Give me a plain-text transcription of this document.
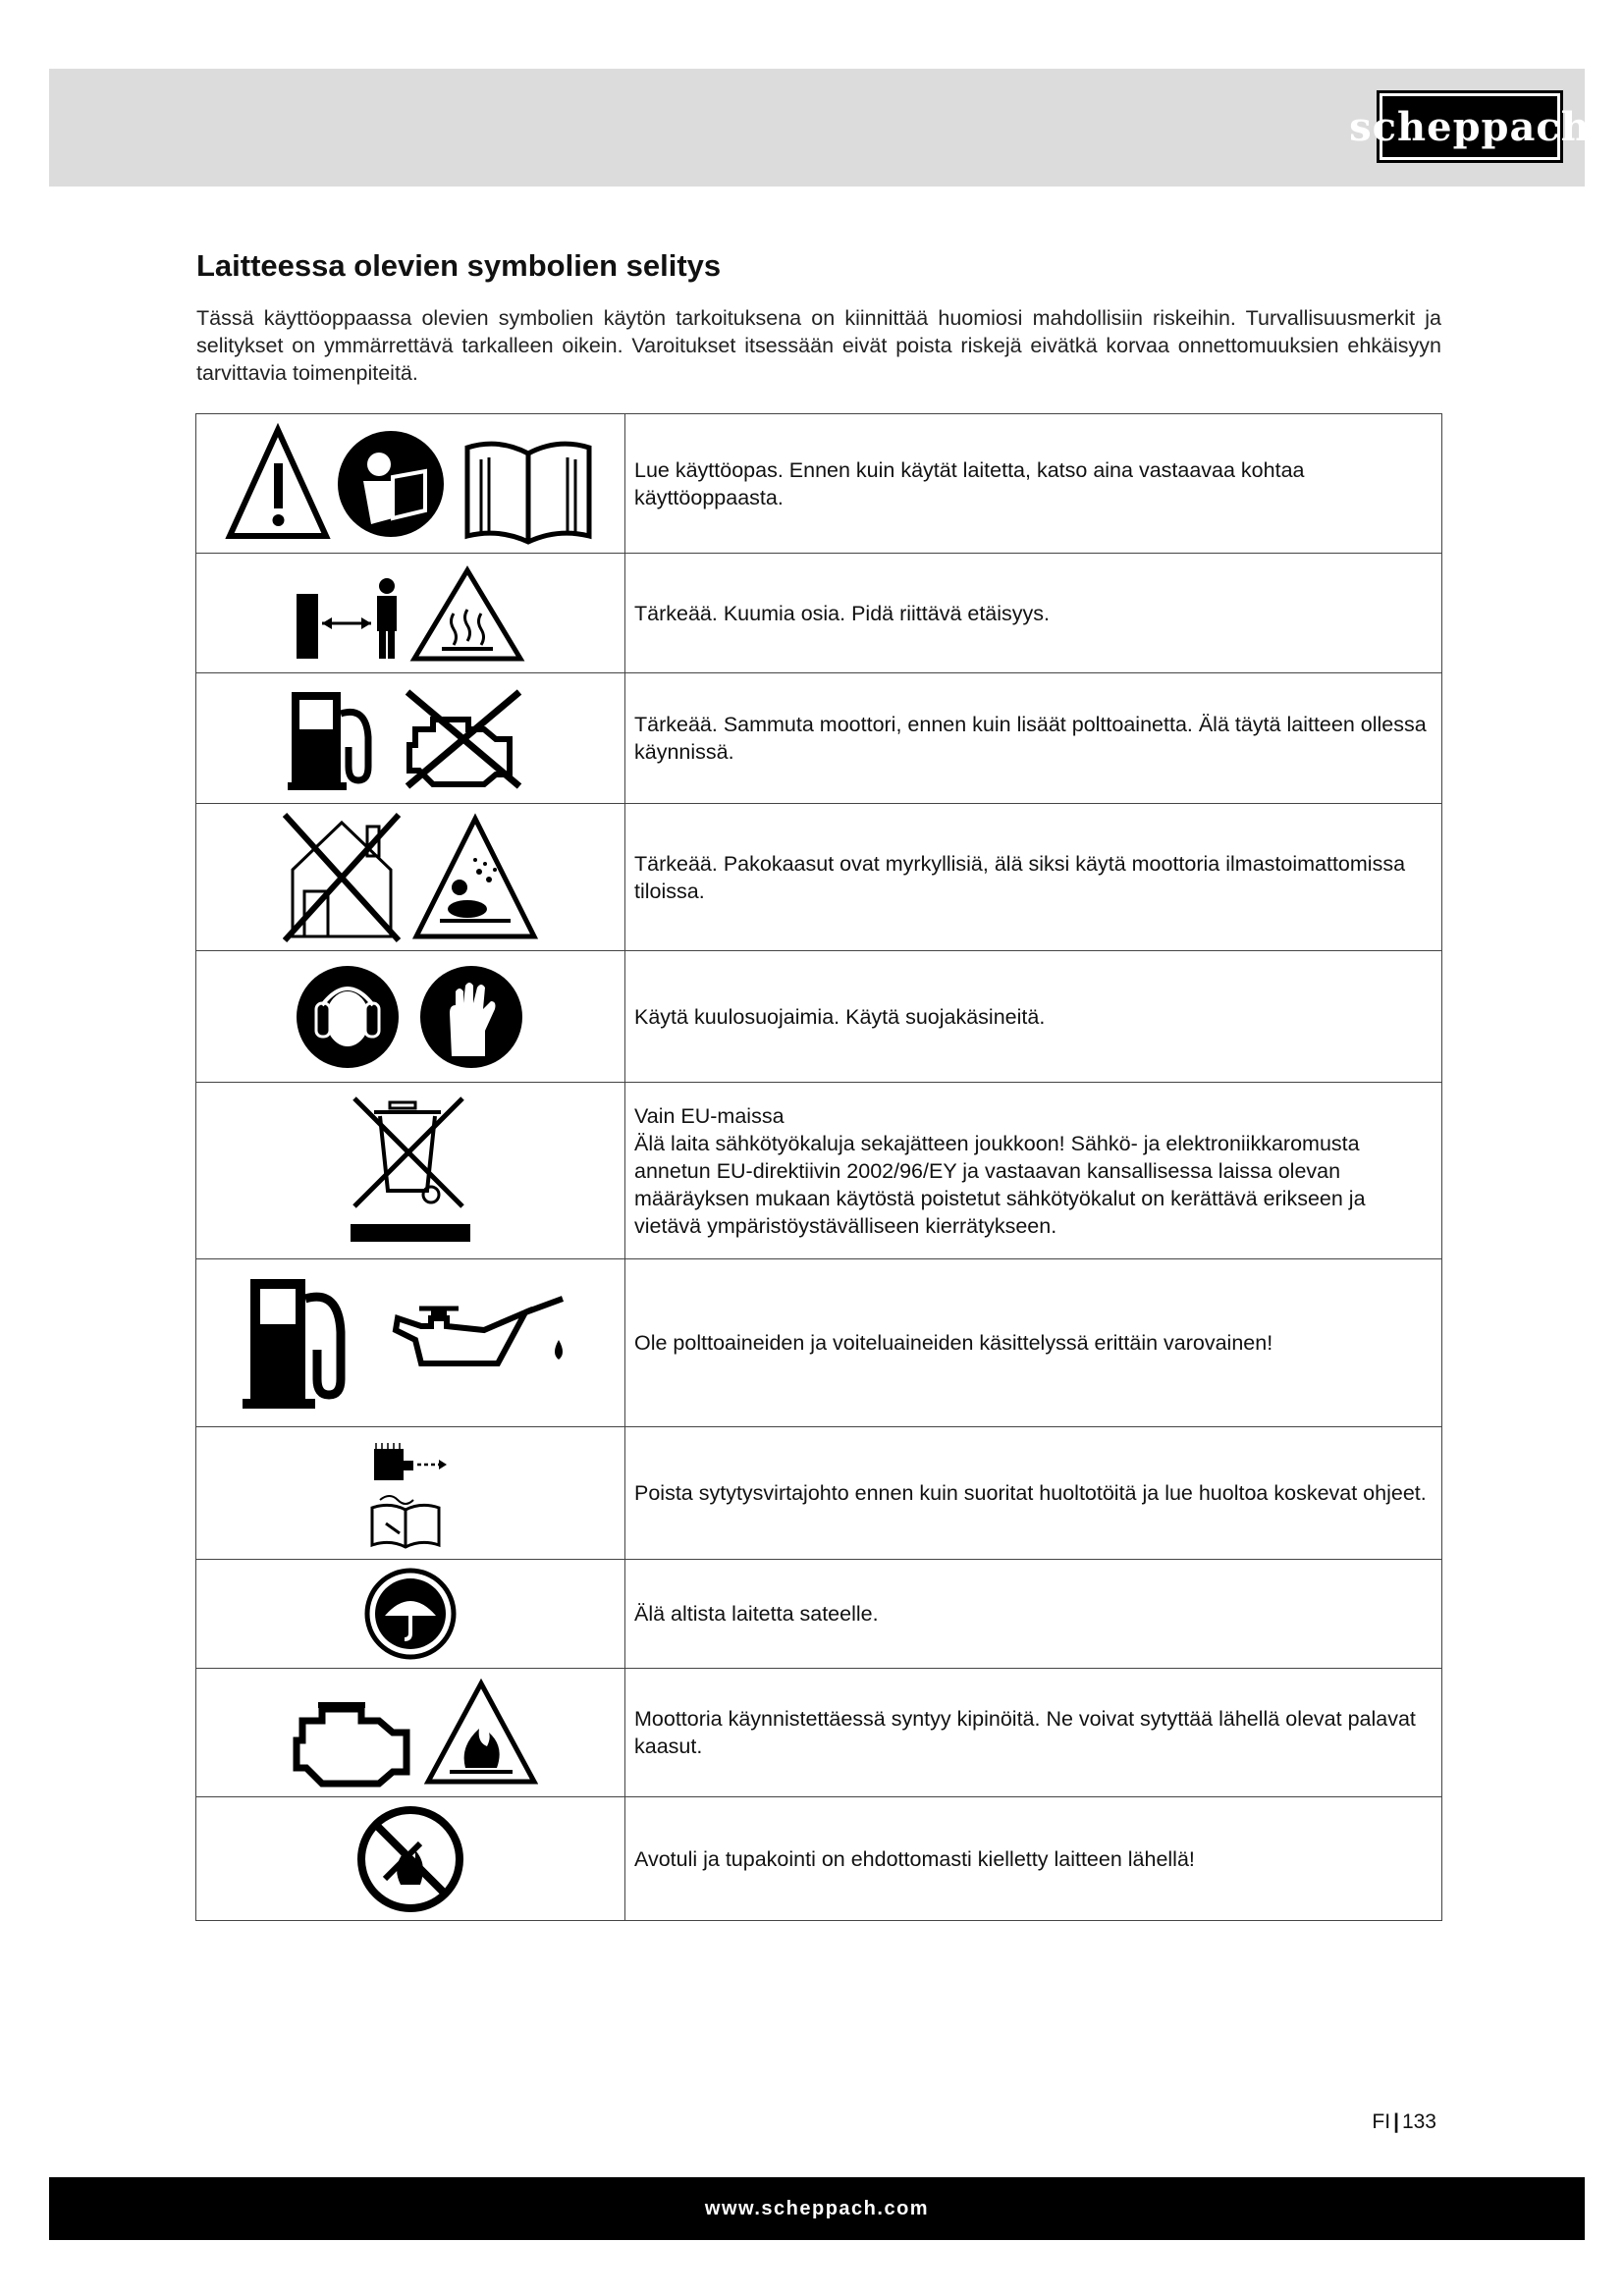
scheppach
Laitteessa olevien symbolien selitys

Tässä käyttöoppaassa olevien symbolien käytön tarkoituksena on kiinnittää huomiosi mahdollisiin riskeihin. Turvallisuusmerkit ja selitykset on ymmärrettävä tarkalleen oikein. Varoitukset itsessään eivät poista riskejä eivätkä korvaa onnettomuuksien ehkäisyyn tarvittavia toimenpiteitä.

	Lue käyttöopas. Ennen kuin käytät laitetta, katso aina vastaavaa kohtaa käyttöoppaasta.

	Tärkeää. Kuumia osia. Pidä riittävä etäisyys.

	Tärkeää. Sammuta moottori, ennen kuin lisäät polttoainetta. Älä täytä laitteen ollessa käynnissä.

	Tärkeää. Pakokaasut ovat myrkyllisiä, älä siksi käytä moottoria ilmastoimattomissa tiloissa.

	Käytä kuulosuojaimia. Käytä suojakäsineitä.

Vain EU-maissa
Älä laita sähkötyökaluja sekajätteen joukkoon! Sähkö- ja elektroniikkaromusta annetun EU-direktiivin 2002/96/EY ja vastaavan kansallisessa laissa olevan määräyksen mukaan käytöstä poistetut sähkötyökalut on kerättävä erikseen ja vietävä ympäristöystävälliseen kierrätykseen.

	Ole polttoaineiden ja voiteluaineiden käsittelyssä erittäin varovainen!

	Poista sytytysvirtajohto ennen kuin suoritat huoltotöitä ja lue huoltoa koskevat ohjeet.

	Älä altista laitetta sateelle.

	Moottoria käynnistettäessä syntyy kipinöitä. Ne voivat sytyttää lähellä olevat palavat kaasut.

	Avotuli ja tupakointi on ehdottomasti kielletty laitteen lähellä!
FI | 133
www.scheppach.com
